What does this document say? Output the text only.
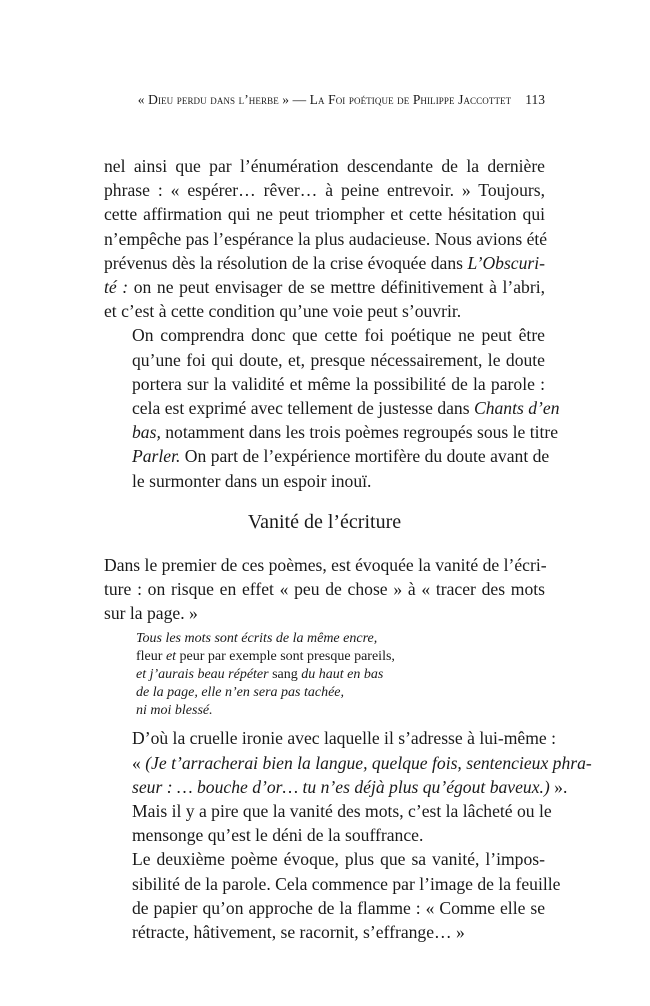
« Dieu perdu dans l’herbe » — La Foi poétique de Philippe Jaccottet 113

nel ainsi que par l’énumération descendante de la dernière
phrase : « espérer… rêver… à peine entrevoir. » Toujours,
cette affirmation qui ne peut triompher et cette hésitation qui
n’empêche pas l’espérance la plus audacieuse. Nous avions été
prévenus dès la résolution de la crise évoquée dans L’Obscuri-
té : on ne peut envisager de se mettre définitivement à l’abri,
et c’est à cette condition qu’une voie peut s’ouvrir.

On comprendra donc que cette foi poétique ne peut être
qu’une foi qui doute, et, presque nécessairement, le doute
portera sur la validité et même la possibilité de la parole :
cela est exprimé avec tellement de justesse dans Chants d’en
bas, notamment dans les trois poèmes regroupés sous le titre
Parler. On part de l’expérience mortifère du doute avant de
le surmonter dans un espoir inouï.

Vanité de l’écriture

Dans le premier de ces poèmes, est évoquée la vanité de l’écri-
ture : on risque en effet « peu de chose » à « tracer des mots
sur la page. »

Tous les mots sont écrits de la même encre,
fleur et peur par exemple sont presque pareils,
et j’aurais beau répéter sang du haut en bas
de la page, elle n’en sera pas tachée,
ni moi blessé.

D’où la cruelle ironie avec laquelle il s’adresse à lui-même :
« (Je t’arracherai bien la langue, quelque fois, sentencieux phra-
seur : … bouche d’or… tu n’es déjà plus qu’égout baveux.) ».
Mais il y a pire que la vanité des mots, c’est la lâcheté ou le
mensonge qu’est le déni de la souffrance.

Le deuxième poème évoque, plus que sa vanité, l’impos-
sibilité de la parole. Cela commence par l’image de la feuille
de papier qu’on approche de la flamme : « Comme elle se
rétracte, hâtivement, se racornit, s’effrange… »
